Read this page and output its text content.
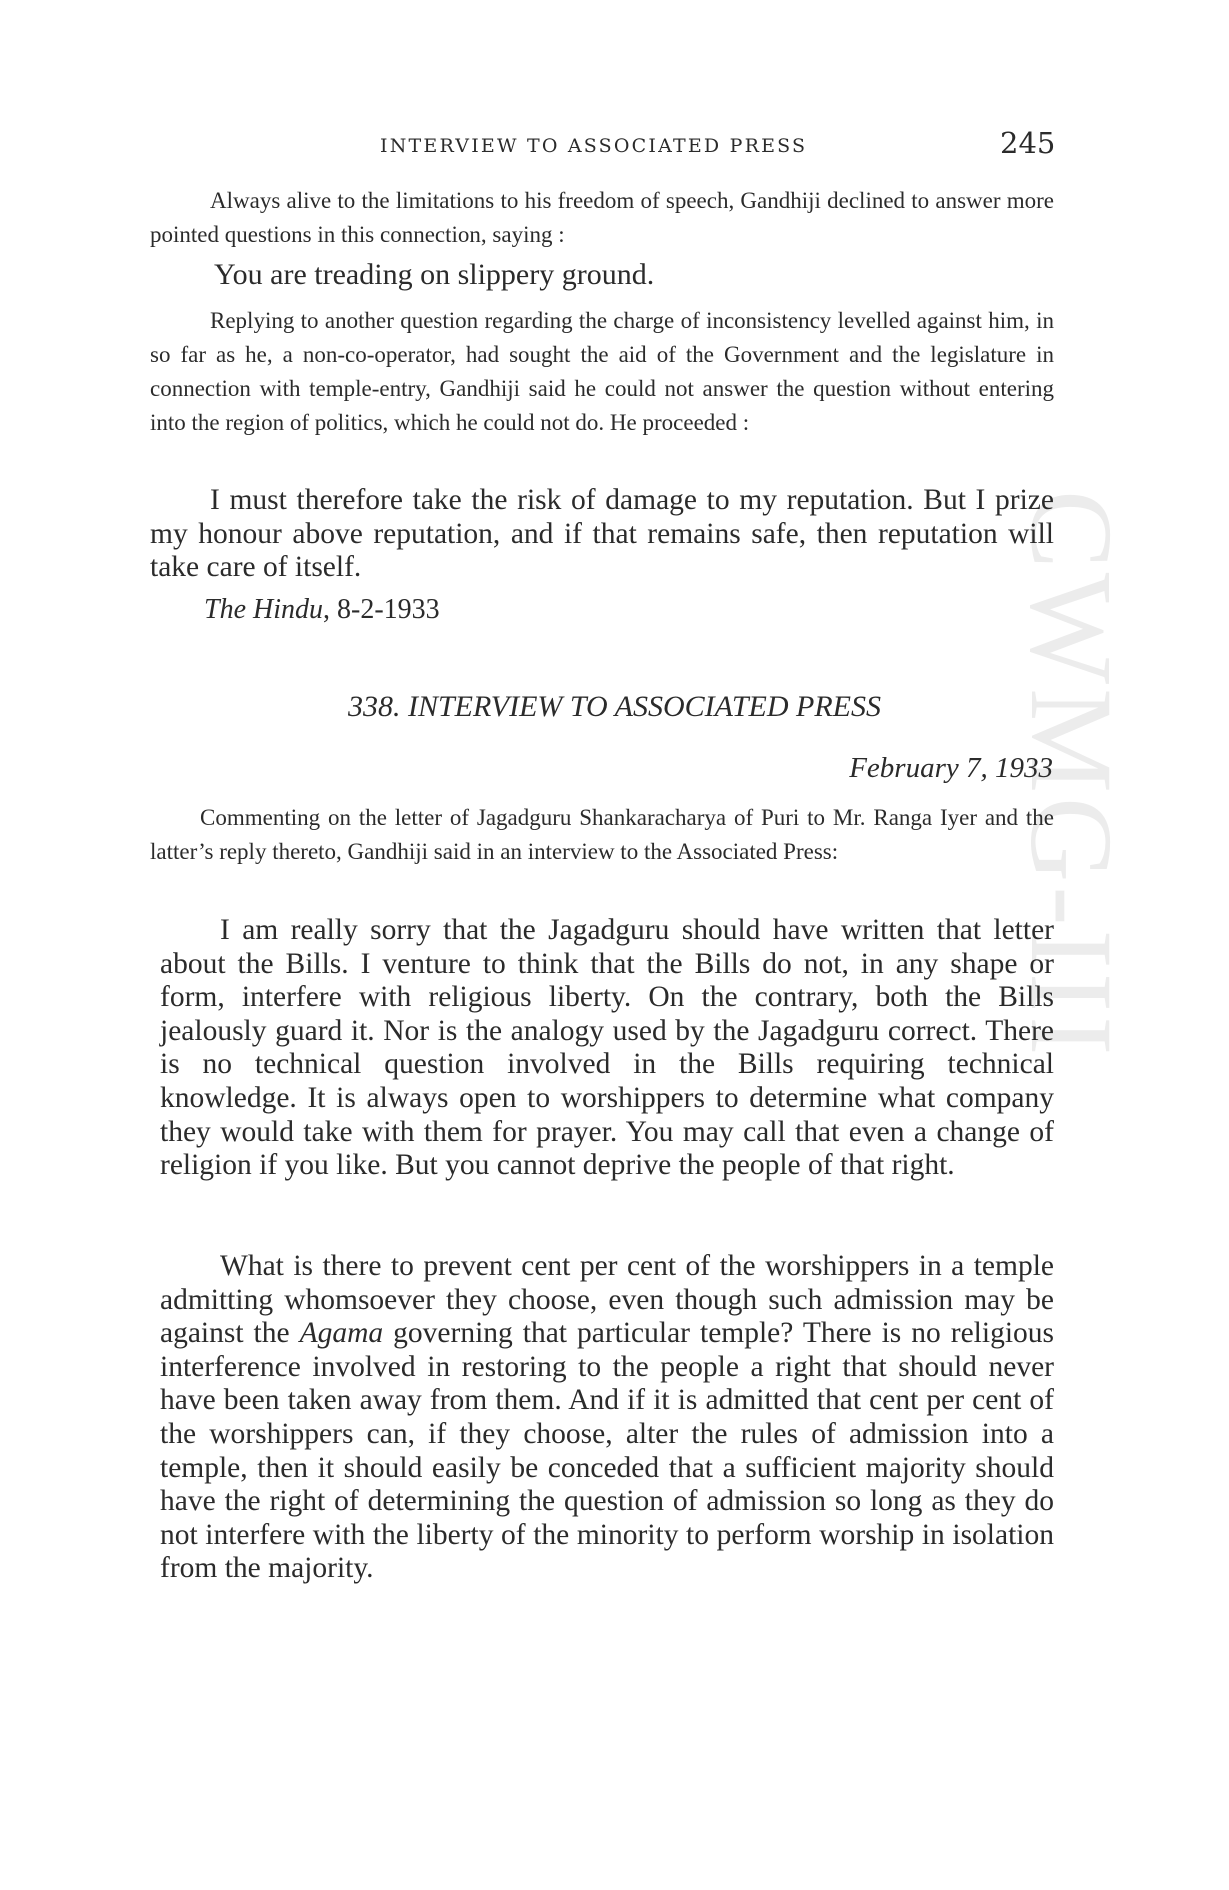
CWMG-III
INTERVIEW TO ASSOCIATED PRESS	245

Always alive to the limitations to his freedom of speech, Gandhiji declined to answer more pointed questions in this connection, saying :

You are treading on slippery ground.

Replying to another question regarding the charge of inconsistency levelled against him, in so far as he, a non-co-operator, had sought the aid of the Government and the legislature in connection with temple-entry, Gandhiji said he could not answer the question without entering into the region of politics, which he could not do. He proceeded :

I must therefore take the risk of damage to my reputation. But I prize my honour above reputation, and if that remains safe, then reputation will take care of itself.

The Hindu, 8-2-1933
338. INTERVIEW TO ASSOCIATED PRESS
February 7, 1933

Commenting on the letter of Jagadguru Shankaracharya of Puri to Mr. Ranga Iyer and the latter’s reply thereto, Gandhiji said in an interview to the Associated Press:

I am really sorry that the Jagadguru should have written that letter about the Bills. I venture to think that the Bills do not, in any shape or form, interfere with religious liberty. On the contrary, both the Bills jealously guard it. Nor is the analogy used by the Jagadguru correct. There is no technical question involved in the Bills requiring technical knowledge. It is always open to worshippers to determine what company they would take with them for prayer. You may call that even a change of religion if you like. But you cannot deprive the people of that right.

What is there to prevent cent per cent of the worshippers in a temple admitting whomsoever they choose, even though such admission may be against the Agama governing that particular temple? There is no religious interference involved in restoring to the people a right that should never have been taken away from them. And if it is admitted that cent per cent of the worshippers can, if they choose, alter the rules of admission into a temple, then it should easily be conceded that a sufficient majority should have the right of determining the question of admission so long as they do not interfere with the liberty of the minority to perform worship in isolation from the majority.
